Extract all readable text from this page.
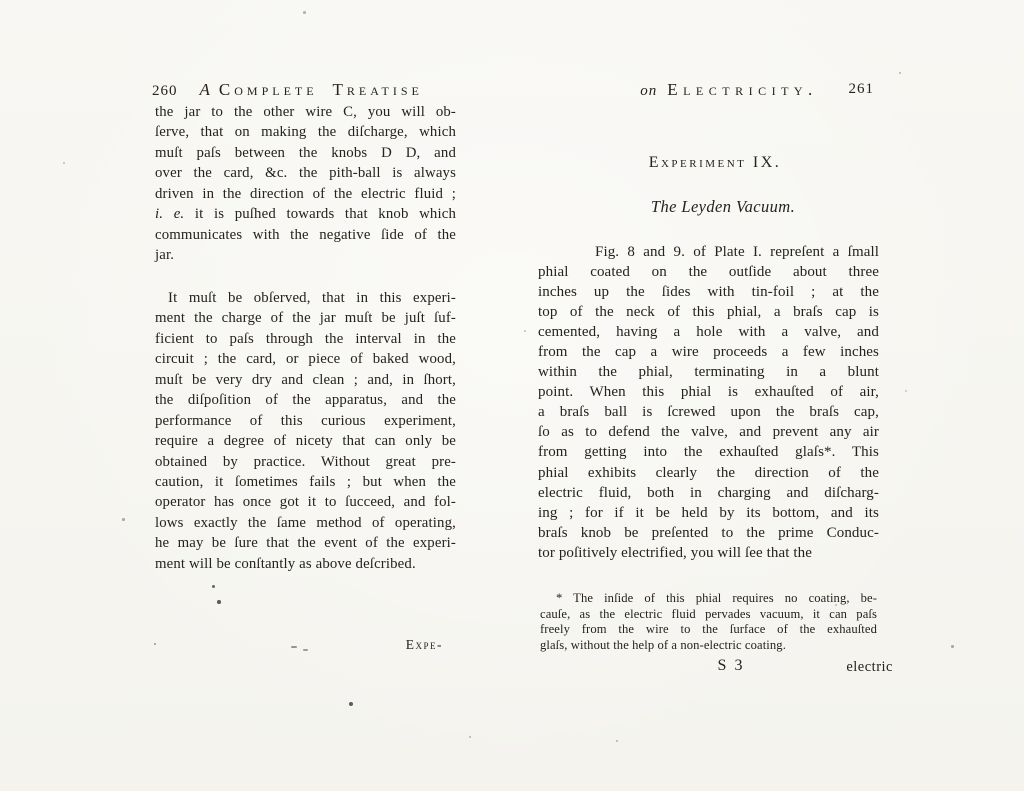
260 A Complete Treatiſe
the jar to the other wire C, you will ob-
ſerve, that on making the diſcharge, which
muſt paſs between the knobs D D, and
over the card, &c. the pith-ball is always
driven in the direction of the electric fluid ;
i. e. it is puſhed towards that knob which
communicates with the negative ſide of the
jar.
It muſt be obſerved, that in this experi-
ment the charge of the jar muſt be juſt ſuf-
ficient to paſs through the interval in the
circuit ; the card, or piece of baked wood,
muſt be very dry and clean ; and, in ſhort,
the diſpoſition of the apparatus, and the
performance of this curious experiment,
require a degree of nicety that can only be
obtained by practice. Without great pre-
caution, it ſometimes fails ; but when the
operator has once got it to ſucceed, and fol-
lows exactly the ſame method of operating,
he may be ſure that the event of the experi-
ment will be conſtantly as above deſcribed.
Expe-
on Electricity.	261
Experiment IX.
The Leyden Vacuum.
Fig. 8 and 9. of Plate I. repreſent a ſmall
phial coated on the outſide about three
inches up the ſides with tin-foil ; at the
top of the neck of this phial, a braſs cap is
cemented, having a hole with a valve, and
from the cap a wire proceeds a few inches
within the phial, terminating in a blunt
point. When this phial is exhauſted of air,
a braſs ball is ſcrewed upon the braſs cap,
ſo as to defend the valve, and prevent any air
from getting into the exhauſted glaſs*. This
phial exhibits clearly the direction of the
electric fluid, both in charging and diſcharg-
ing ; for if it be held by its bottom, and its
braſs knob be preſented to the prime Conduc-
tor poſitively electrified, you will ſee that the
* The inſide of this phial requires no coating, be-
cauſe, as the electric fluid pervades vacuum, it can paſs
freely from the wire to the ſurface of the exhauſted
glaſs, without the help of a non-electric coating.
S 3	electric
